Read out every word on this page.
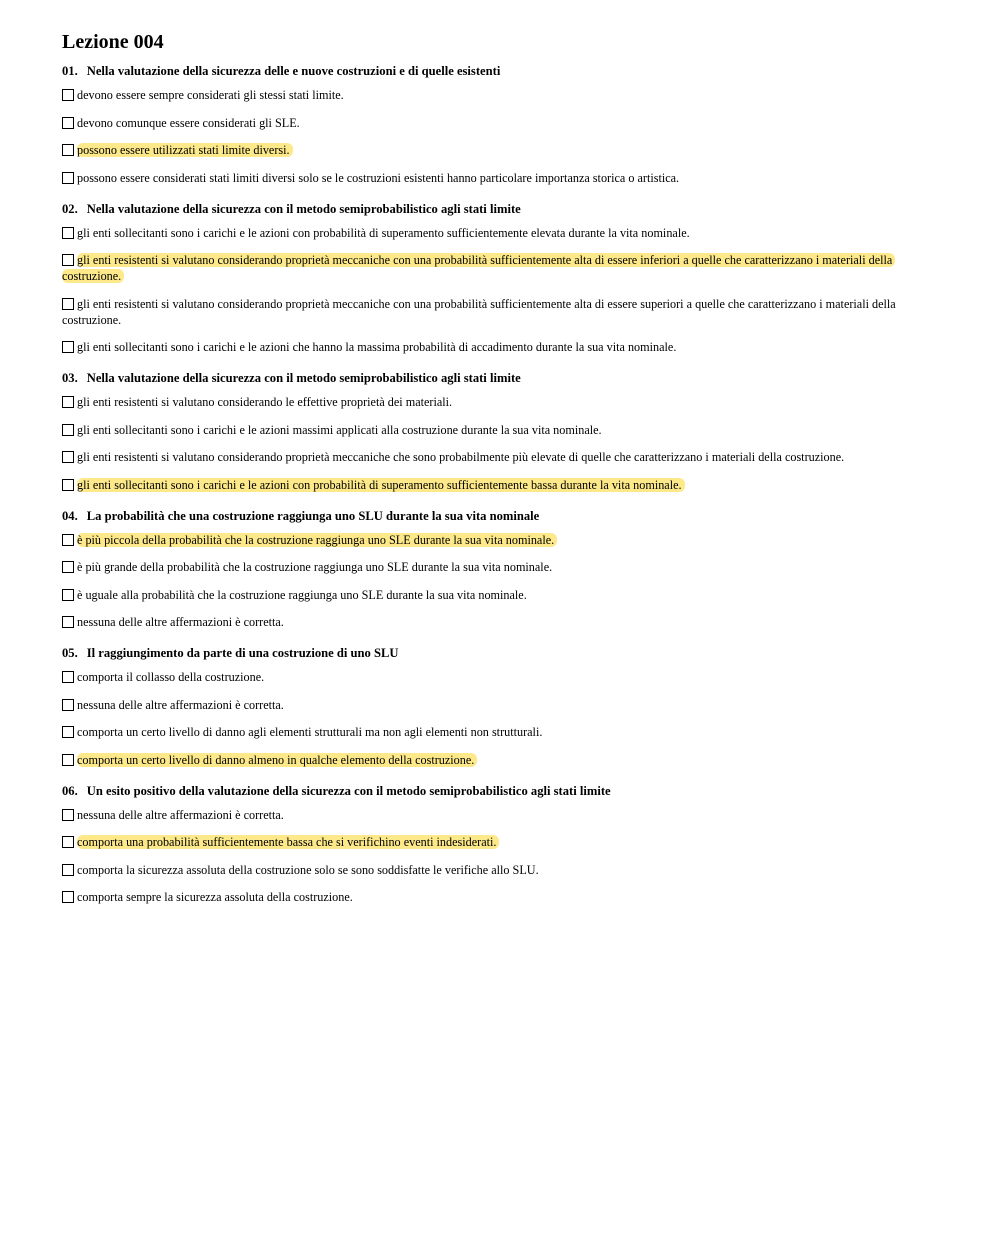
Lezione 004
01. Nella valutazione della sicurezza delle e nuove costruzioni e di quelle esistenti
devono essere sempre considerati gli stessi stati limite.
devono comunque essere considerati gli SLE.
possono essere utilizzati stati limite diversi.
possono essere considerati stati limiti diversi solo se le costruzioni esistenti hanno particolare importanza storica o artistica.
02. Nella valutazione della sicurezza con il metodo semiprobabilistico agli stati limite
gli enti sollecitanti sono i carichi e le azioni con probabilità di superamento sufficientemente elevata durante la vita nominale.
gli enti resistenti si valutano considerando proprietà meccaniche con una probabilità sufficientemente alta di essere inferiori a quelle che caratterizzano i materiali della costruzione.
gli enti resistenti si valutano considerando proprietà meccaniche con una probabilità sufficientemente alta di essere superiori a quelle che caratterizzano i materiali della costruzione.
gli enti sollecitanti sono i carichi e le azioni che hanno la massima probabilità di accadimento durante la sua vita nominale.
03. Nella valutazione della sicurezza con il metodo semiprobabilistico agli stati limite
gli enti resistenti si valutano considerando le effettive proprietà dei materiali.
gli enti sollecitanti sono i carichi e le azioni massimi applicati alla costruzione durante la sua vita nominale.
gli enti resistenti si valutano considerando proprietà meccaniche che sono probabilmente più elevate di quelle che caratterizzano i materiali della costruzione.
gli enti sollecitanti sono i carichi e le azioni con probabilità di superamento sufficientemente bassa durante la vita nominale.
04. La probabilità che una costruzione raggiunga uno SLU durante la sua vita nominale
è più piccola della probabilità che la costruzione raggiunga uno SLE durante la sua vita nominale.
è più grande della probabilità che la costruzione raggiunga uno SLE durante la sua vita nominale.
è uguale alla probabilità che la costruzione raggiunga uno SLE durante la sua vita nominale.
nessuna delle altre affermazioni è corretta.
05. Il raggiungimento da parte di una costruzione di uno SLU
comporta il collasso della costruzione.
nessuna delle altre affermazioni è corretta.
comporta un certo livello di danno agli elementi strutturali ma non agli elementi non strutturali.
comporta un certo livello di danno almeno in qualche elemento della costruzione.
06. Un esito positivo della valutazione della sicurezza con il metodo semiprobabilistico agli stati limite
nessuna delle altre affermazioni è corretta.
comporta una probabilità sufficientemente bassa che si verifichino eventi indesiderati.
comporta la sicurezza assoluta della costruzione solo se sono soddisfatte le verifiche allo SLU.
comporta sempre la sicurezza assoluta della costruzione.
